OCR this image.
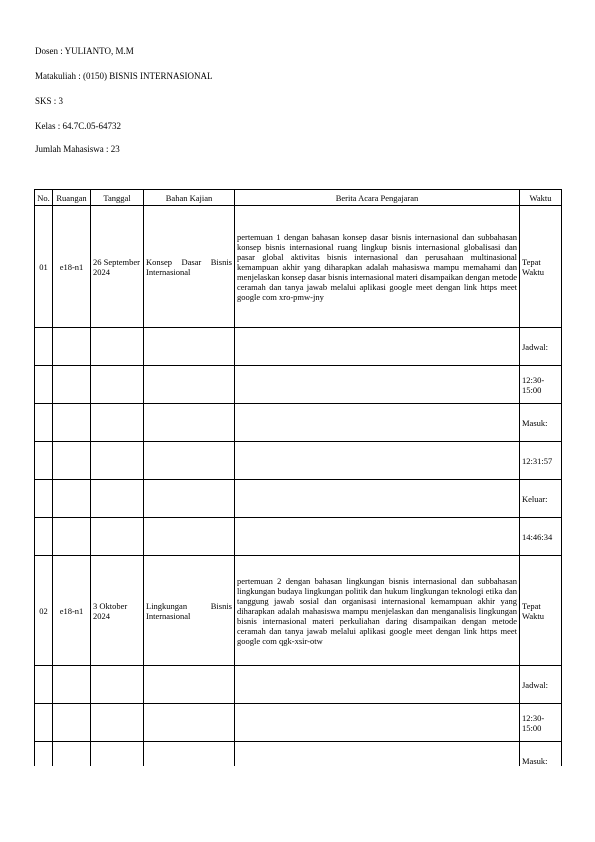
Dosen : YULIANTO, M.M
Matakuliah : (0150) BISNIS INTERNASIONAL
SKS : 3
Kelas : 64.7C.05-64732
Jumlah Mahasiswa : 23
No.	Ruangan	Tanggal	Bahan Kajian	Berita Acara Pengajaran	Waktu
01	e18-n1	26 September 2024	Konsep Dasar Bisnis Internasional	pertemuan 1 dengan bahasan konsep dasar bisnis internasional dan subbahasan konsep bisnis internasional ruang lingkup bisnis internasional globalisasi dan pasar global aktivitas bisnis internasional dan perusahaan multinasional kemampuan akhir yang diharapkan adalah mahasiswa mampu memahami dan menjelaskan konsep dasar bisnis internasional materi disampaikan dengan metode ceramah dan tanya jawab melalui aplikasi google meet dengan link https meet google com xro-pmw-jny	Tepat Waktu
					Jadwal:
					12:30-15:00
					Masuk:
					12:31:57
					Keluar:
					14:46:34
02	e18-n1	3 Oktober 2024	Lingkungan Bisnis Internasional	pertemuan 2 dengan bahasan lingkungan bisnis internasional dan subbahasan lingkungan budaya lingkungan politik dan hukum lingkungan teknologi etika dan tanggung jawab sosial dan organisasi internasional kemampuan akhir yang diharapkan adalah mahasiswa mampu menjelaskan dan menganalisis lingkungan bisnis internasional materi perkuliahan daring disampaikan dengan metode ceramah dan tanya jawab melalui aplikasi google meet dengan link https meet google com qgk-xsir-otw	Tepat Waktu
					Jadwal:
					12:30-15:00
					Masuk:
